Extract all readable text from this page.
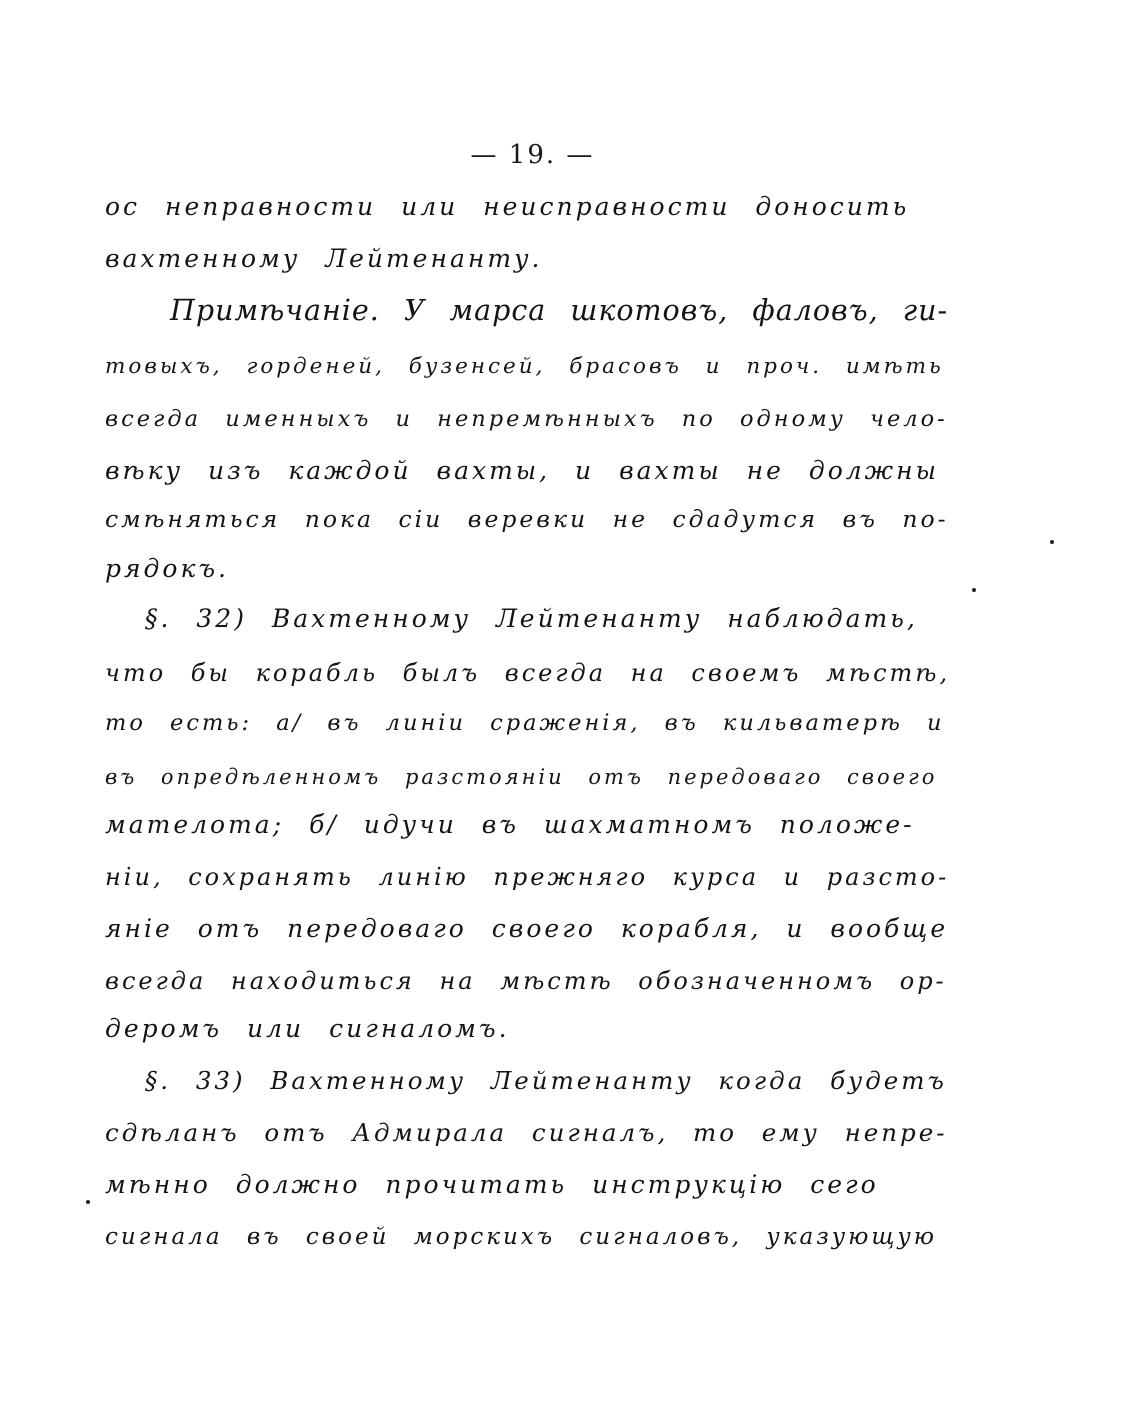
— 19. —
ос неправности или неисправности доносить
вахтенному Лейтенанту.
Примѣчаніе. У марса шкотовъ, фаловъ, ги-
товыхъ, горденей, бузенсей, брасовъ и проч. имѣть
всегда именныхъ и непремѣнныхъ по одному чело-
вѣку изъ каждой вахты, и вахты не должны
смѣняться пока сіи веревки не сдадутся въ по-
рядокъ.
§. 32) Вахтенному Лейтенанту наблюдать,
что бы корабль былъ всегда на своемъ мѣстѣ,
то есть: а/ въ линіи сраженія, въ кильватерѣ и
въ опредѣленномъ разстояніи отъ передоваго своего
мателота; б/ идучи въ шахматномъ положе-
ніи, сохранять линію прежняго курса и разсто-
яніе отъ передоваго своего корабля, и вообще
всегда находиться на мѣстѣ обозначенномъ ор-
деромъ или сигналомъ.
§. 33) Вахтенному Лейтенанту когда будетъ
сдѣланъ отъ Адмирала сигналъ, то ему непре-
мѣнно должно прочитать инструкцію сего
сигнала въ своей морскихъ сигналовъ, указующую
